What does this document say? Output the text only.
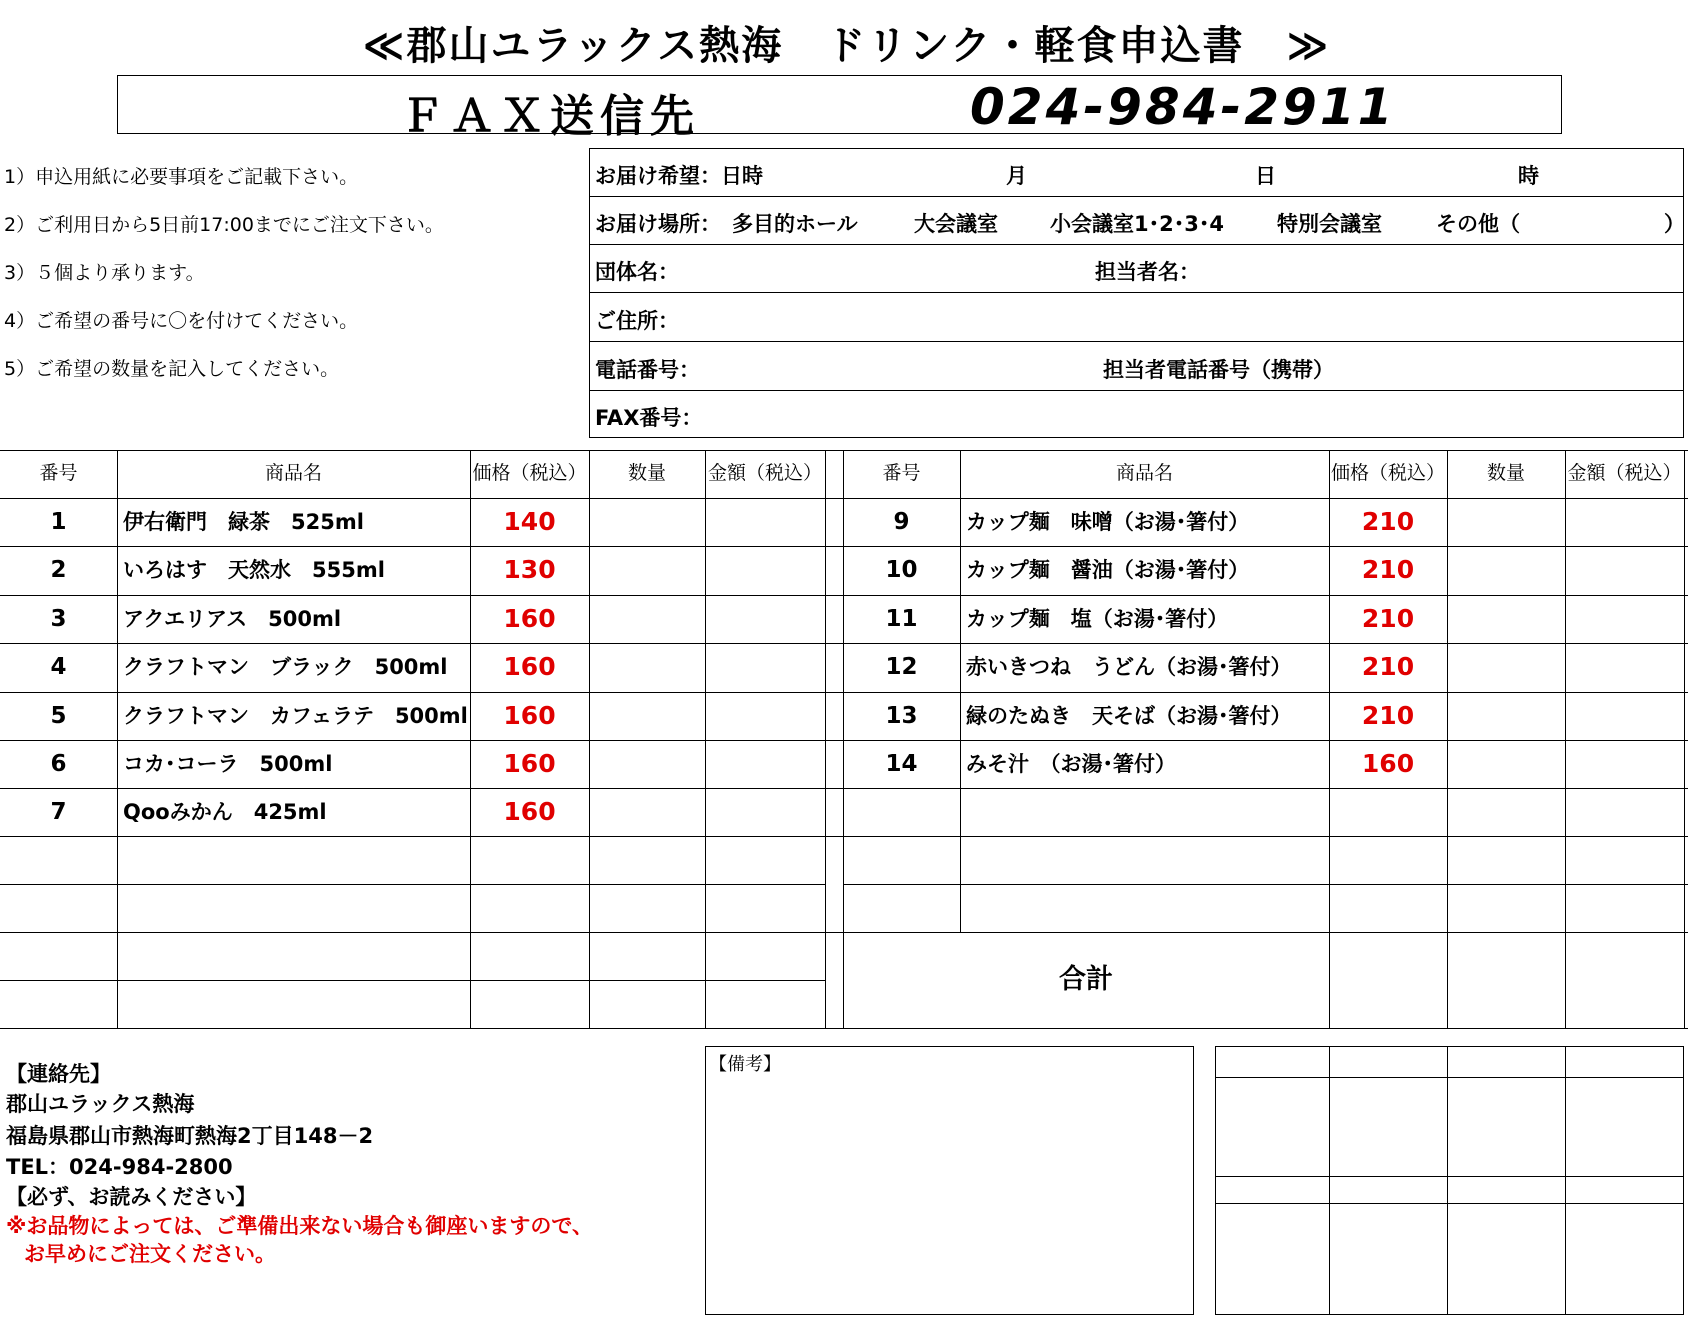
≪郡山ユラックス熱海　ドリンク・軽食申込書　≫
ＦＡＸ送信先	024-984-2911
1）申込用紙に必要事項をご記載下さい。
2）ご利用日から5日前17:00までにご注文下さい。
3）５個より承ります。
4）ご希望の番号に〇を付けてください。
5）ご希望の数量を記入してください。
お届け希望：日時	月	日	時
お届け場所： 多目的ホール	大会議室 小会議室1･2･3･4	特別会議室	その他（	）
団体名：	担当者名：
ご住所：
電話番号：	担当者電話番号（携帯）
FAX番号：
番号	商品名	価格（税込）	数量	金額（税込）	番号	商品名	価格（税込）	数量	金額（税込）
1	伊右衛門　緑茶　525ml	140
2	いろはす　天然水　555ml	130
3	アクエリアス　500ml	160
4	クラフトマン　ブラック　500ml	160
5	クラフトマン　カフェラテ　500ml	160
6	コカ･コーラ　500ml	160
7	Qooみかん　425ml	160
9	カップ麺　味噌（お湯･箸付）	210
10	カップ麺　醤油（お湯･箸付）	210
11	カップ麺　塩（お湯･箸付）	210
12	赤いきつね　うどん（お湯･箸付）	210
13	緑のたぬき　天そば（お湯･箸付）	210
14	みそ汁　（お湯･箸付）	160
合計
【連絡先】
郡山ユラックス熱海
福島県郡山市熱海町熱海2丁目148－2
TEL：024-984-2800
【必ず、お読みください】
※お品物によっては、ご準備出来ない場合も御座いますので、
お早めにご注文ください。
【備考】
